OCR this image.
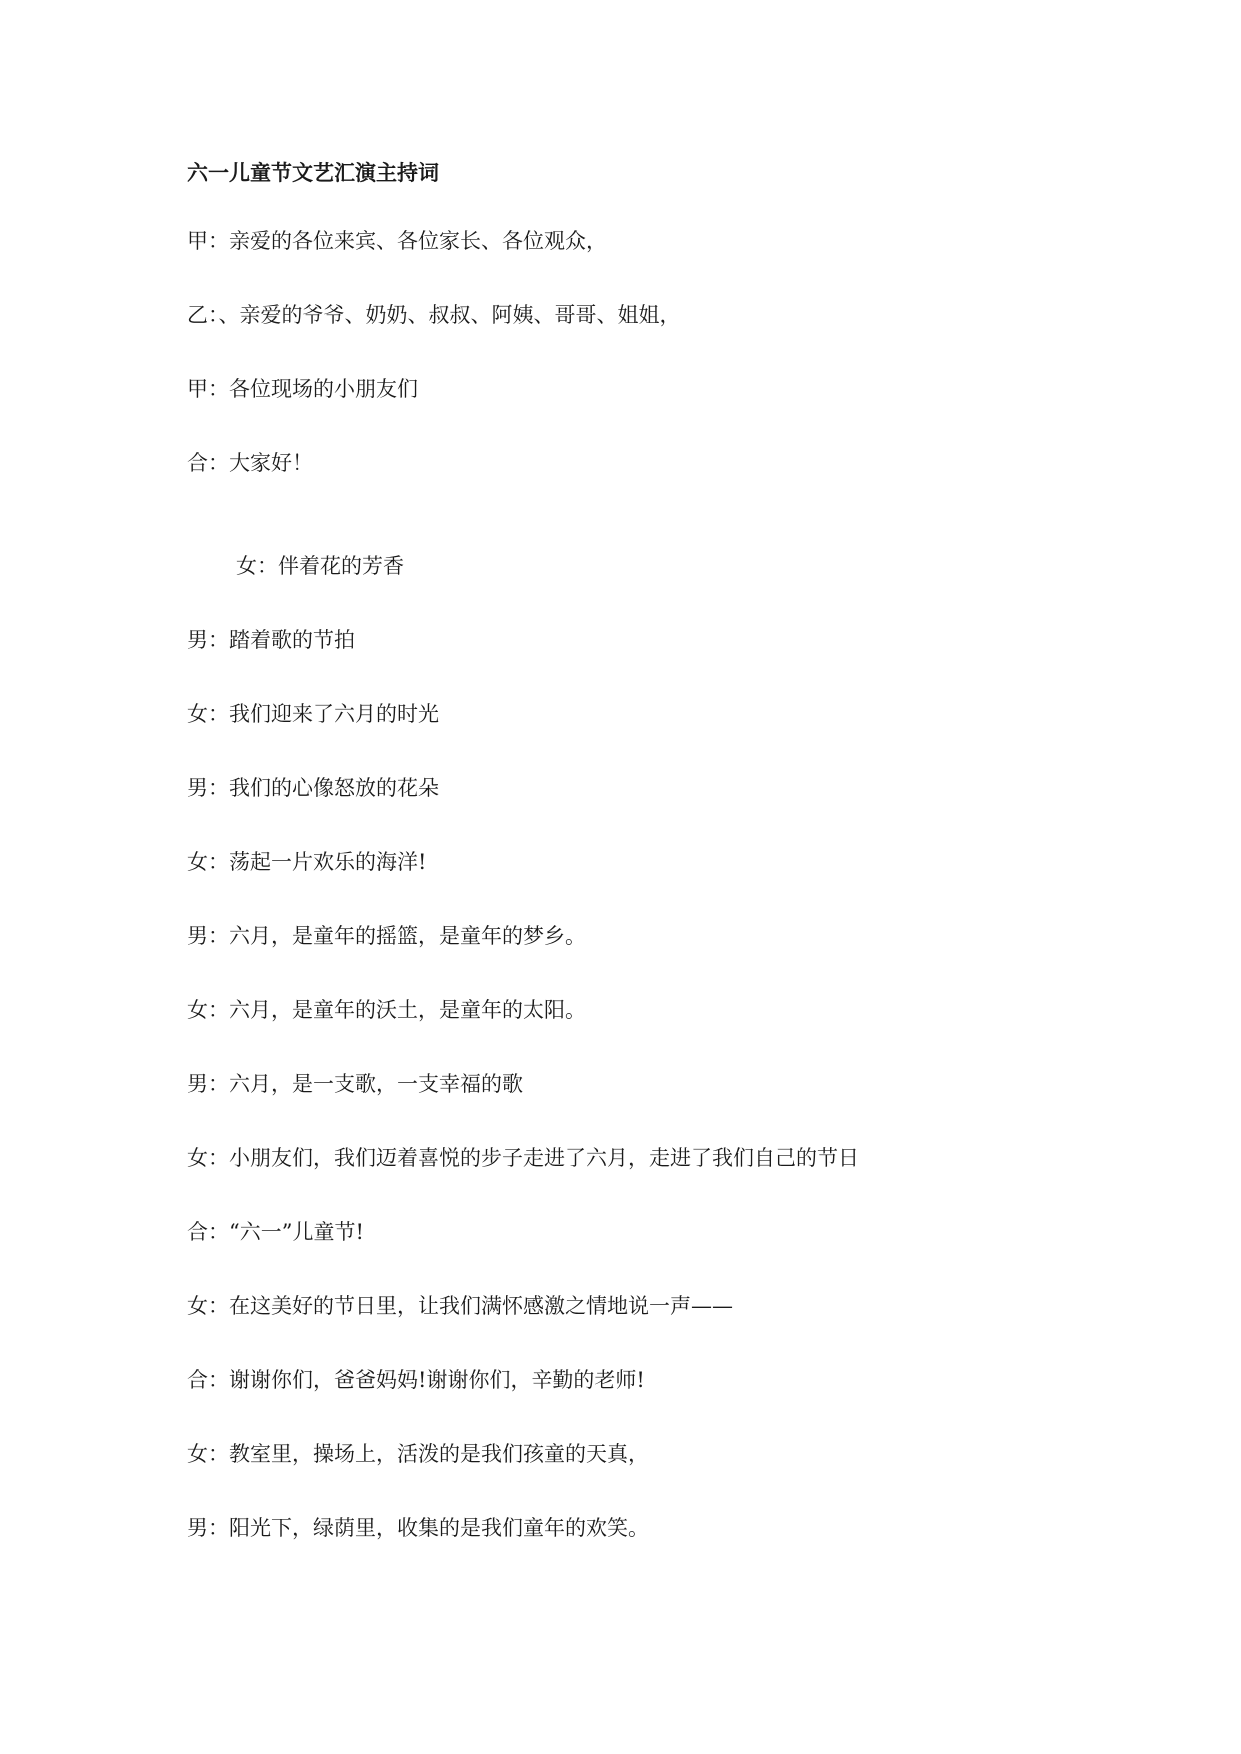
六一儿童节文艺汇演主持词
甲：亲爱的各位来宾、各位家长、各位观众，
乙：、亲爱的爷爷、奶奶、叔叔、阿姨、哥哥、姐姐，
甲：各位现场的小朋友们
合：大家好！
女：伴着花的芳香
男：踏着歌的节拍
女：我们迎来了六月的时光
男：我们的心像怒放的花朵
女：荡起一片欢乐的海洋!
男：六月，是童年的摇篮，是童年的梦乡。
女：六月，是童年的沃土，是童年的太阳。
男：六月，是一支歌，一支幸福的歌
女：小朋友们，我们迈着喜悦的步子走进了六月，走进了我们自己的节日
合：“六一”儿童节!
女：在这美好的节日里，让我们满怀感激之情地说一声——
合：谢谢你们，爸爸妈妈!谢谢你们，辛勤的老师!
女：教室里，操场上，活泼的是我们孩童的天真，
男：阳光下，绿荫里，收集的是我们童年的欢笑。
